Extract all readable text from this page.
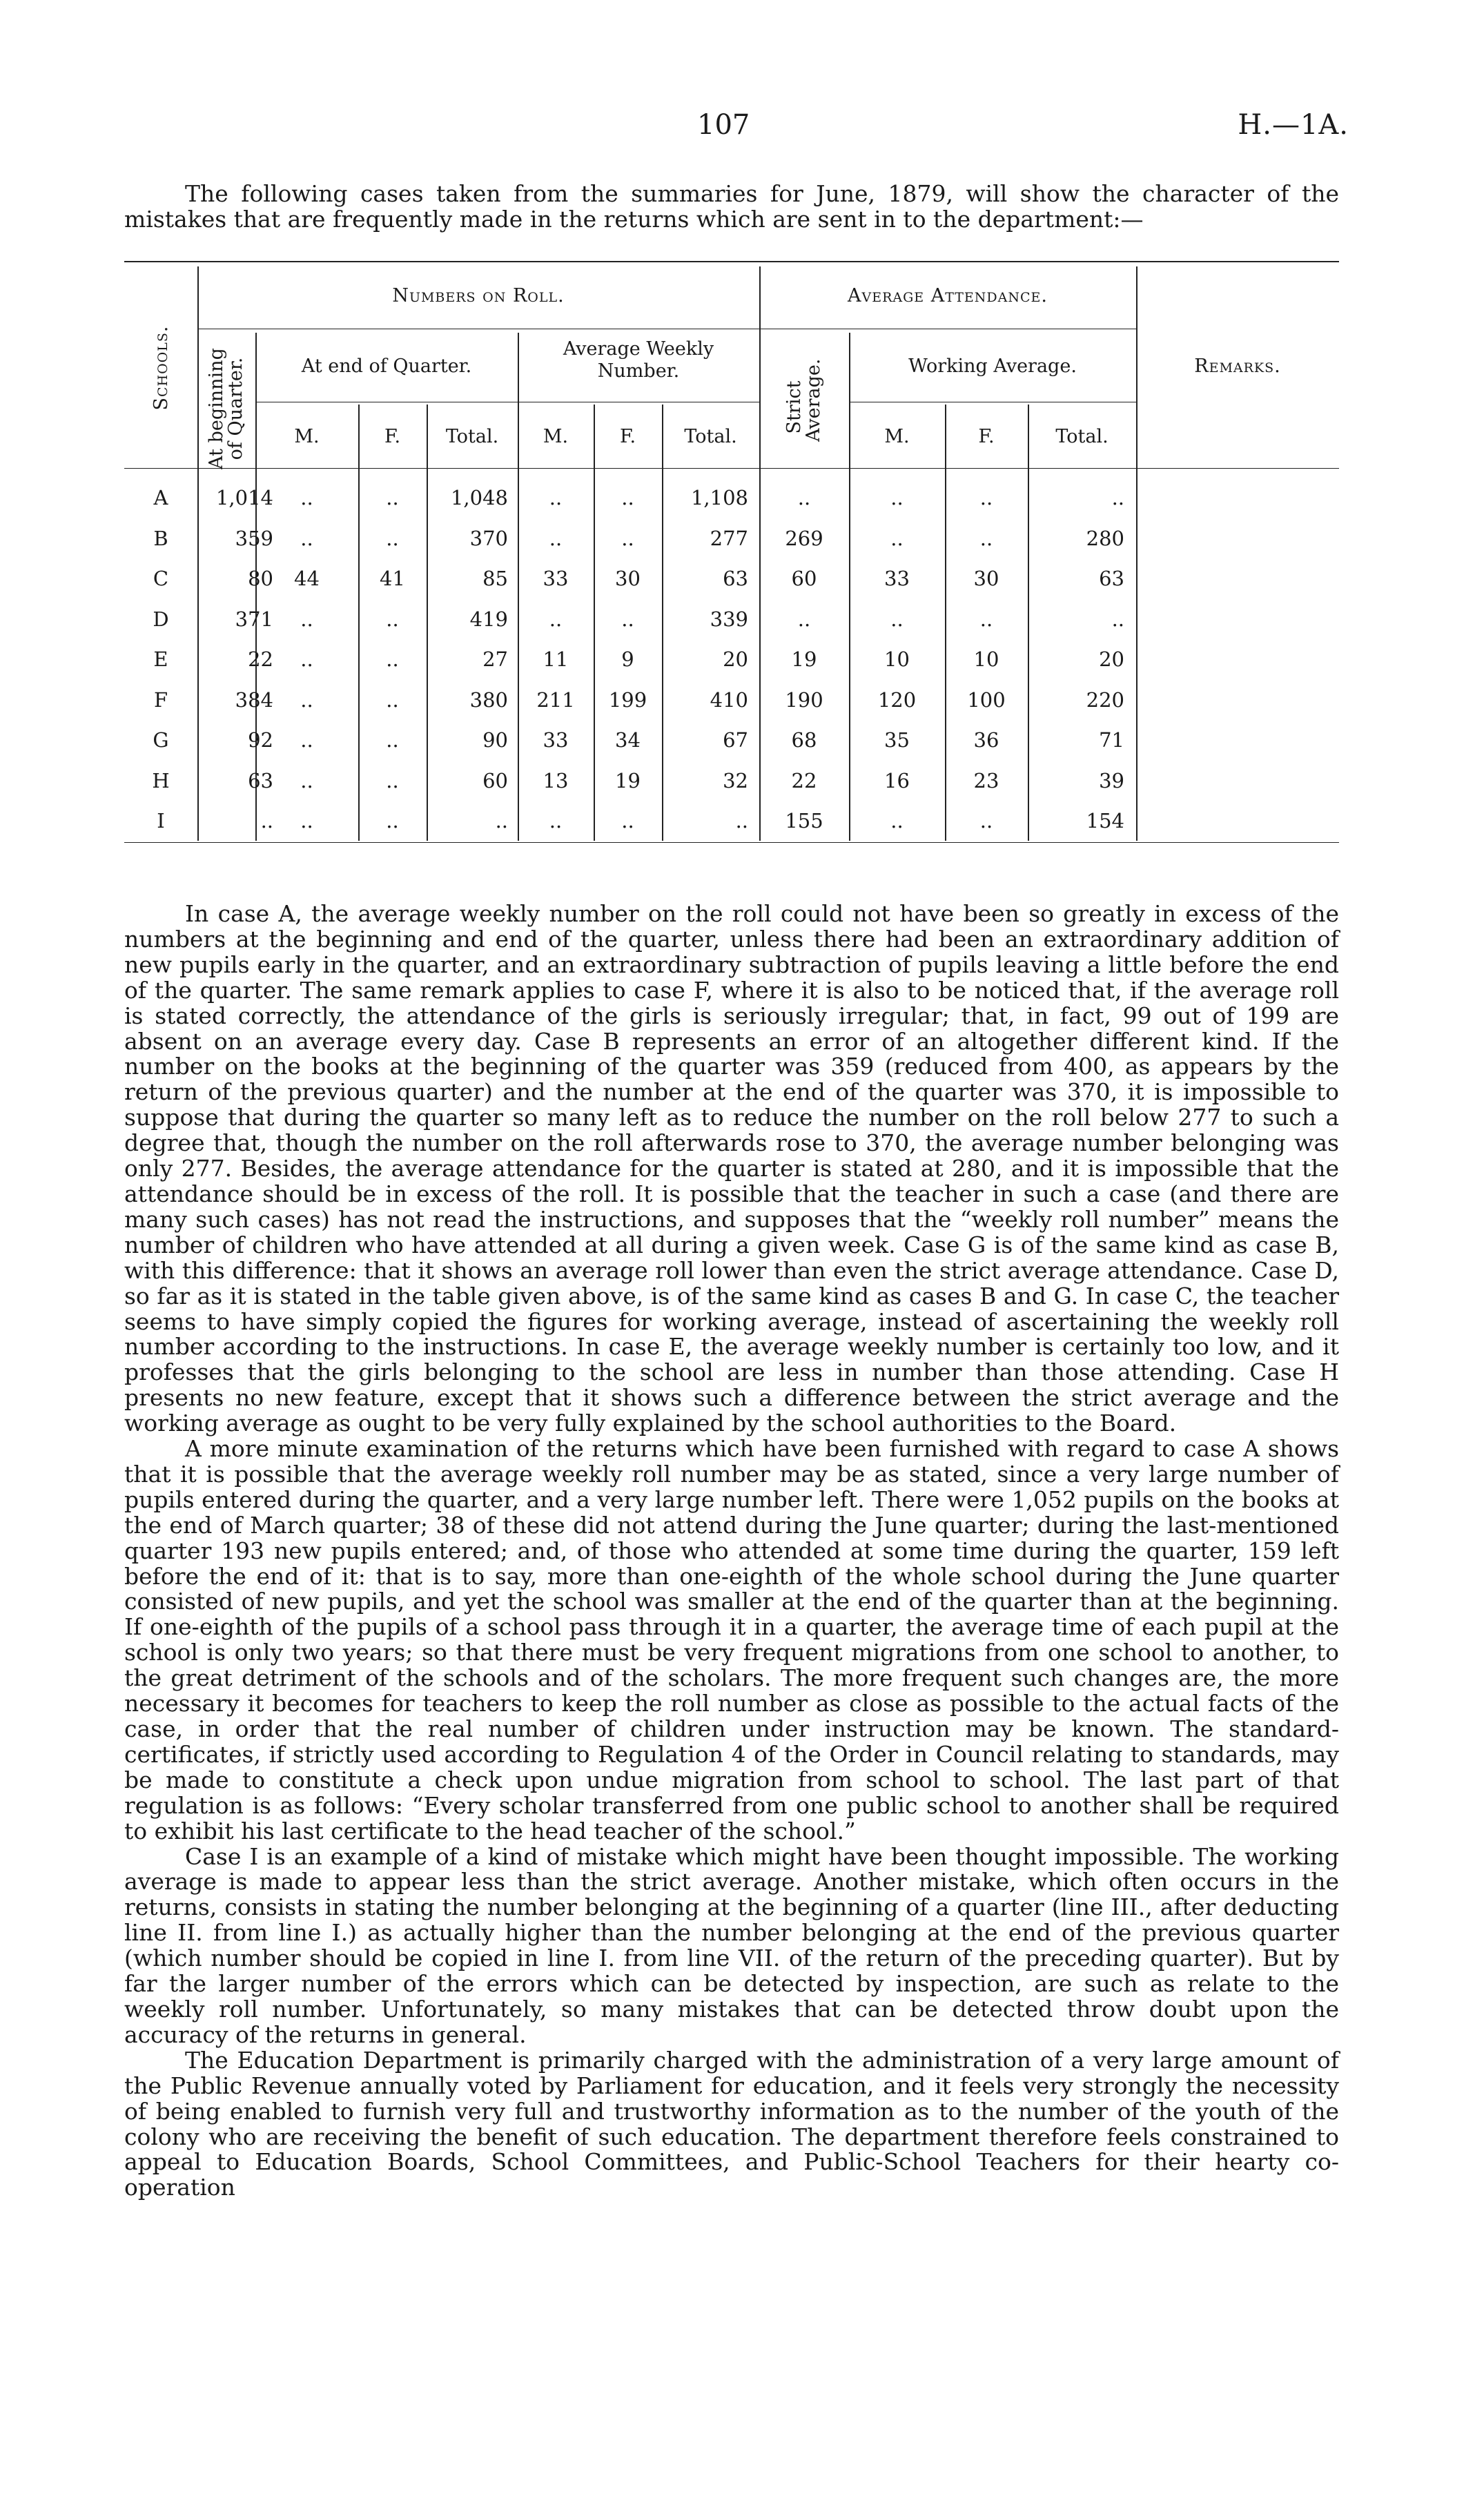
107	H.—1A.

The following cases taken from the summaries for June, 1879, will show the character of the mistakes that are frequently made in the returns which are sent in to the department:—

Schools.
Numbers on Roll.	Average Attendance.
Remarks.
At beginning of Quarter.	At end of Quarter.
Average Weekly Number.
Strict Average.	Working Average.
M.	F.	Total.	M.	F.	Total.	M.	F.	Total.
A	1,014	..	..	1,048	..	..	1,108	..	..	..	..
B	359	..	..	370	..	..	277	269	..	..	280
C	80	44	41	85	33	30	63	60	33	30	63
D	371	..	..	419	..	..	339	..	..	..	..
E	22	..	..	27	11	9	20	19	10	10	20
F	384	..	..	380	211	199	410	190	120	100	220
G	92	..	..	90	33	34	67	68	35	36	71
H	63	..	..	60	13	19	32	22	16	23	39
I	..	..	..	..	..	..	..	155	..	..	154

In case A, the average weekly number on the roll could not have been so greatly in excess of the numbers at the beginning and end of the quarter, unless there had been an extraordinary addition of new pupils early in the quarter, and an extraordinary subtraction of pupils leaving a little before the end of the quarter. The same remark applies to case F, where it is also to be noticed that, if the average roll is stated correctly, the attendance of the girls is seriously irregular; that, in fact, 99 out of 199 are absent on an average every day. Case B represents an error of an altogether different kind. If the number on the books at the beginning of the quarter was 359 (reduced from 400, as appears by the return of the previous quarter) and the number at the end of the quarter was 370, it is impossible to suppose that during the quarter so many left as to reduce the number on the roll below 277 to such a degree that, though the number on the roll afterwards rose to 370, the average number belonging was only 277. Besides, the average attendance for the quarter is stated at 280, and it is impossible that the attendance should be in excess of the roll. It is possible that the teacher in such a case (and there are many such cases) has not read the instructions, and supposes that the “weekly roll number” means the number of children who have attended at all during a given week. Case G is of the same kind as case B, with this difference: that it shows an average roll lower than even the strict average attendance. Case D, so far as it is stated in the table given above, is of the same kind as cases B and G. In case C, the teacher seems to have simply copied the figures for working average, instead of ascertaining the weekly roll number according to the instructions. In case E, the average weekly number is certainly too low, and it professes that the girls belonging to the school are less in number than those attending. Case H presents no new feature, except that it shows such a difference between the strict average and the working average as ought to be very fully explained by the school authorities to the Board.

A more minute examination of the returns which have been furnished with regard to case A shows that it is possible that the average weekly roll number may be as stated, since a very large number of pupils entered during the quarter, and a very large number left. There were 1,052 pupils on the books at the end of March quarter; 38 of these did not attend during the June quarter; during the last-mentioned quarter 193 new pupils entered; and, of those who attended at some time during the quarter, 159 left before the end of it: that is to say, more than one-eighth of the whole school during the June quarter consisted of new pupils, and yet the school was smaller at the end of the quarter than at the beginning. If one-eighth of the pupils of a school pass through it in a quarter, the average time of each pupil at the school is only two years; so that there must be very frequent migrations from one school to another, to the great detriment of the schools and of the scholars. The more frequent such changes are, the more necessary it becomes for teachers to keep the roll number as close as possible to the actual facts of the case, in order that the real number of children under instruction may be known. The standard-certificates, if strictly used according to Regulation 4 of the Order in Council relating to standards, may be made to constitute a check upon undue migration from school to school. The last part of that regulation is as follows: “Every scholar transferred from one public school to another shall be required to exhibit his last certificate to the head teacher of the school.”

Case I is an example of a kind of mistake which might have been thought impossible. The working average is made to appear less than the strict average. Another mistake, which often occurs in the returns, consists in stating the number belonging at the beginning of a quarter (line III., after deducting line II. from line I.) as actually higher than the number belonging at the end of the previous quarter (which number should be copied in line I. from line VII. of the return of the preceding quarter). But by far the larger number of the errors which can be detected by inspection, are such as relate to the weekly roll number. Unfortunately, so many mistakes that can be detected throw doubt upon the accuracy of the returns in general.

The Education Department is primarily charged with the administration of a very large amount of the Public Revenue annually voted by Parliament for education, and it feels very strongly the necessity of being enabled to furnish very full and trustworthy information as to the number of the youth of the colony who are receiving the benefit of such education. The department therefore feels constrained to appeal to Education Boards, School Committees, and Public-School Teachers for their hearty co-operation
